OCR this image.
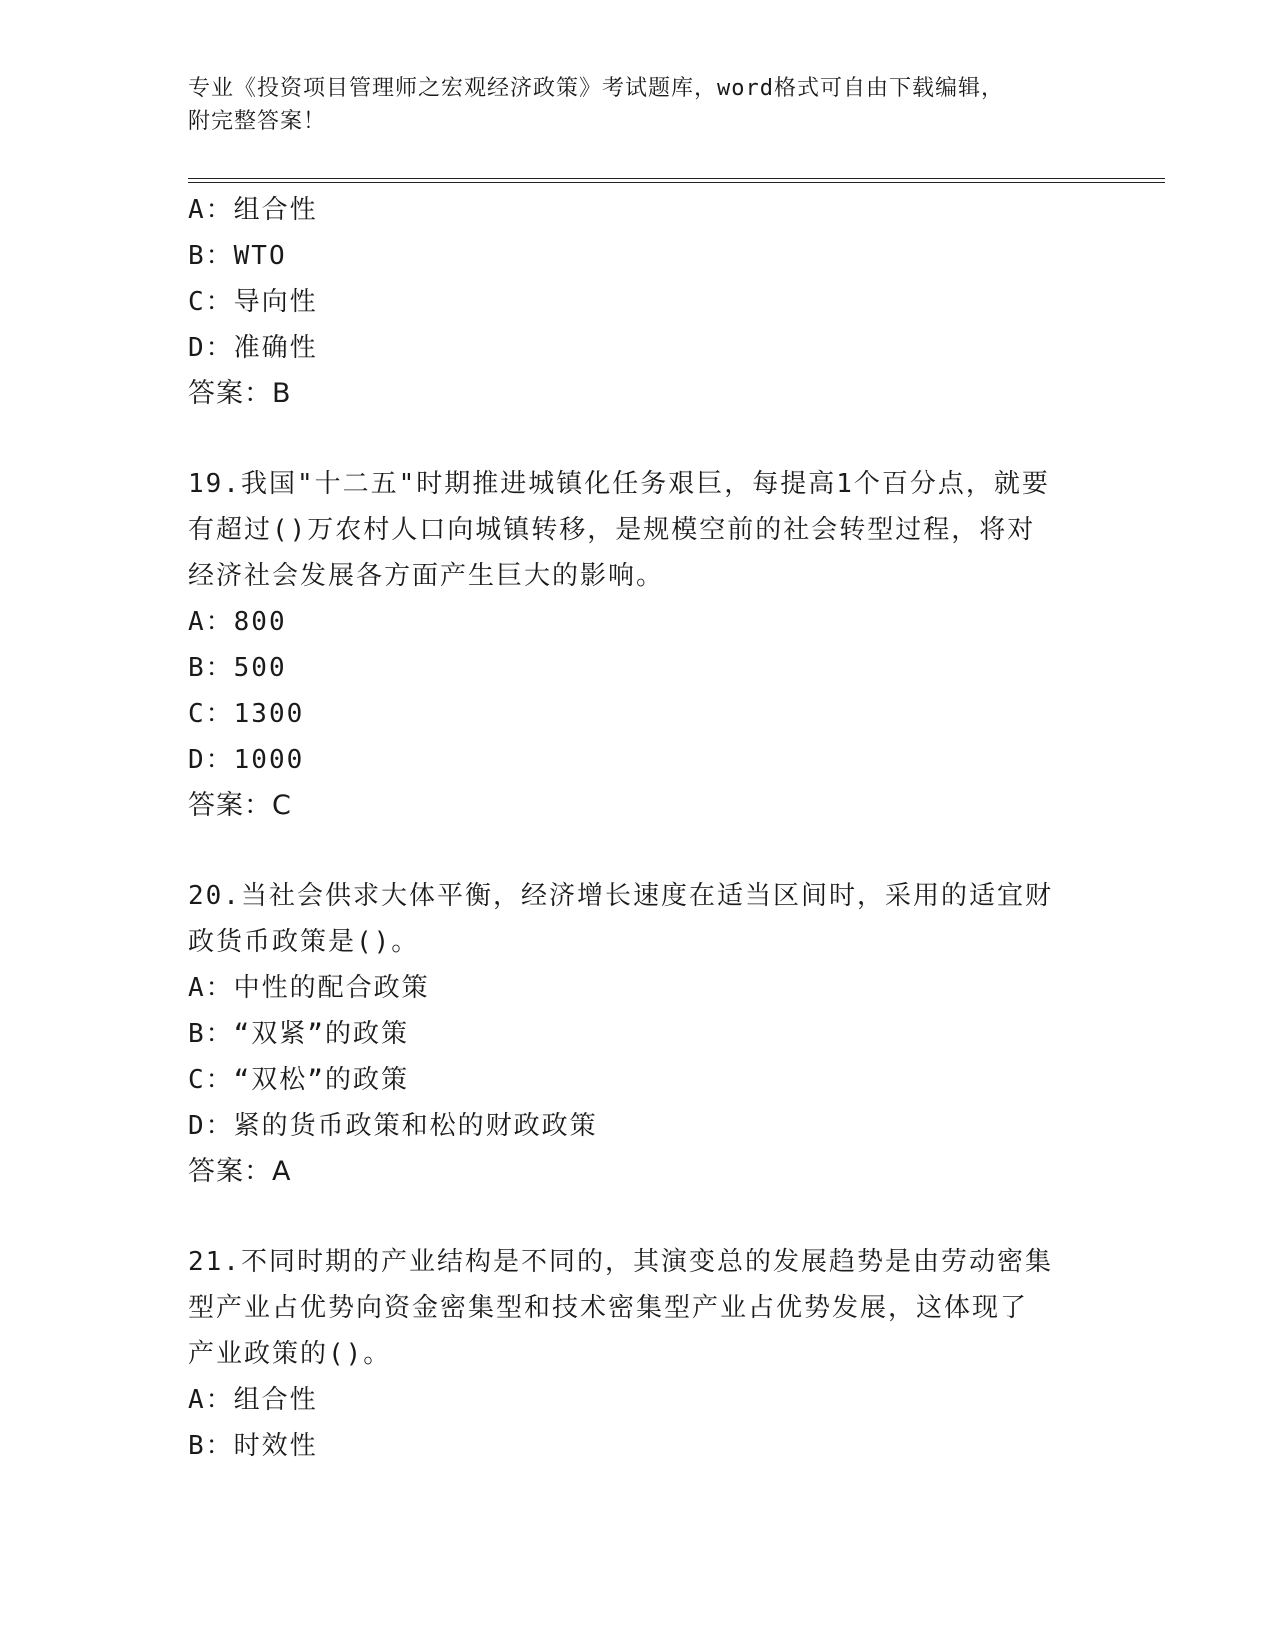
专业《投资项目管理师之宏观经济政策》考试题库，word格式可自由下载编辑，
附完整答案！
A：组合性
B：WTO
C：导向性
D：准确性
答案：B
19.我国"十二五"时期推进城镇化任务艰巨，每提高1个百分点，就要
有超过()万农村人口向城镇转移，是规模空前的社会转型过程，将对
经济社会发展各方面产生巨大的影响。
A：800
B：500
C：1300
D：1000
答案：C
20.当社会供求大体平衡，经济增长速度在适当区间时，采用的适宜财
政货币政策是()。
A：中性的配合政策
B：“双紧”的政策
C：“双松”的政策
D：紧的货币政策和松的财政政策
答案：A
21.不同时期的产业结构是不同的，其演变总的发展趋势是由劳动密集
型产业占优势向资金密集型和技术密集型产业占优势发展，这体现了
产业政策的()。
A：组合性
B：时效性
